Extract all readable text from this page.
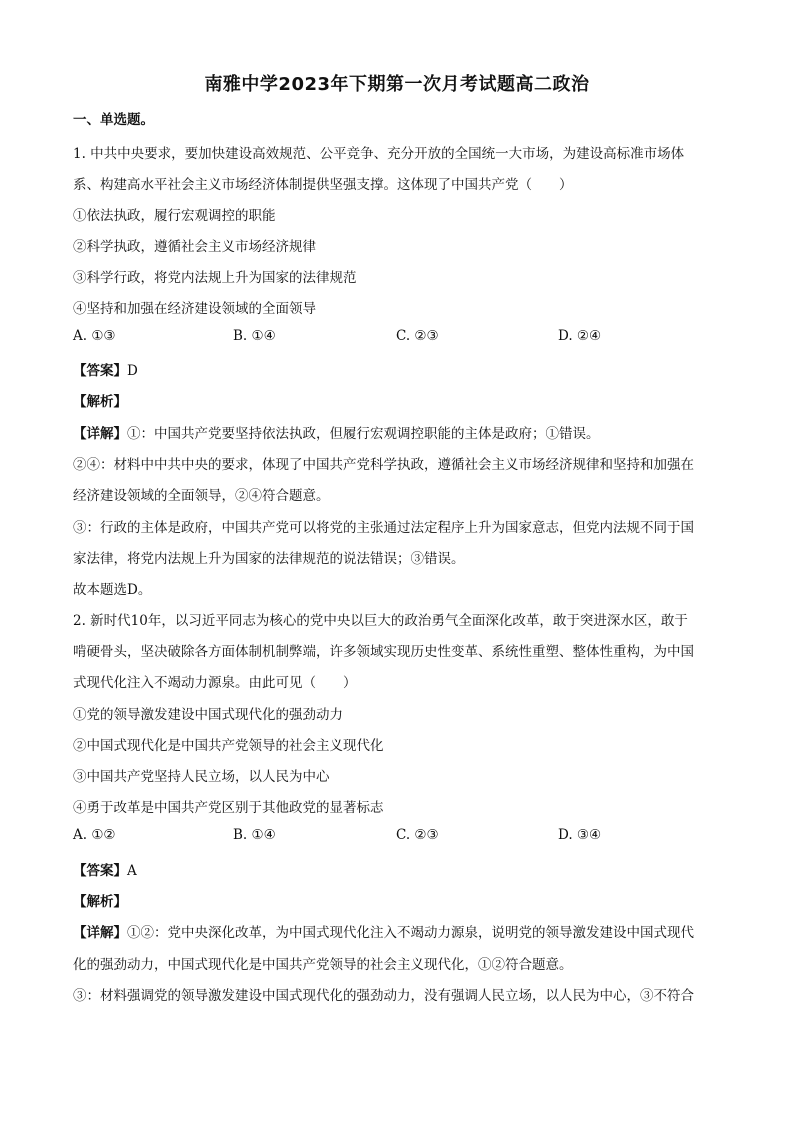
南雅中学2023年下期第一次月考试题高二政治
一、单选题。
1. 中共中央要求，要加快建设高效规范、公平竞争、充分开放的全国统一大市场，为建设高标准市场体
系、构建高水平社会主义市场经济体制提供坚强支撑。这体现了中国共产党（　　）
①依法执政，履行宏观调控的职能
②科学执政，遵循社会主义市场经济规律
③科学行政，将党内法规上升为国家的法律规范
④坚持和加强在经济建设领域的全面领导
A. ①③	B. ①④	C. ②③	D. ②④
【答案】D
【解析】
【详解】①：中国共产党要坚持依法执政，但履行宏观调控职能的主体是政府；①错误。
②④：材料中中共中央的要求，体现了中国共产党科学执政，遵循社会主义市场经济规律和坚持和加强在
经济建设领域的全面领导，②④符合题意。
③：行政的主体是政府，中国共产党可以将党的主张通过法定程序上升为国家意志，但党内法规不同于国
家法律，将党内法规上升为国家的法律规范的说法错误；③错误。
故本题选D。
2. 新时代10年，以习近平同志为核心的党中央以巨大的政治勇气全面深化改革，敢于突进深水区，敢于
啃硬骨头，坚决破除各方面体制机制弊端，许多领域实现历史性变革、系统性重塑、整体性重构，为中国
式现代化注入不竭动力源泉。由此可见（　　）
①党的领导激发建设中国式现代化的强劲动力
②中国式现代化是中国共产党领导的社会主义现代化
③中国共产党坚持人民立场，以人民为中心
④勇于改革是中国共产党区别于其他政党的显著标志
A. ①②	B. ①④	C. ②③	D. ③④
【答案】A
【解析】
【详解】①②：党中央深化改革，为中国式现代化注入不竭动力源泉，说明党的领导激发建设中国式现代
化的强劲动力，中国式现代化是中国共产党领导的社会主义现代化，①②符合题意。
③：材料强调党的领导激发建设中国式现代化的强劲动力，没有强调人民立场，以人民为中心，③不符合
